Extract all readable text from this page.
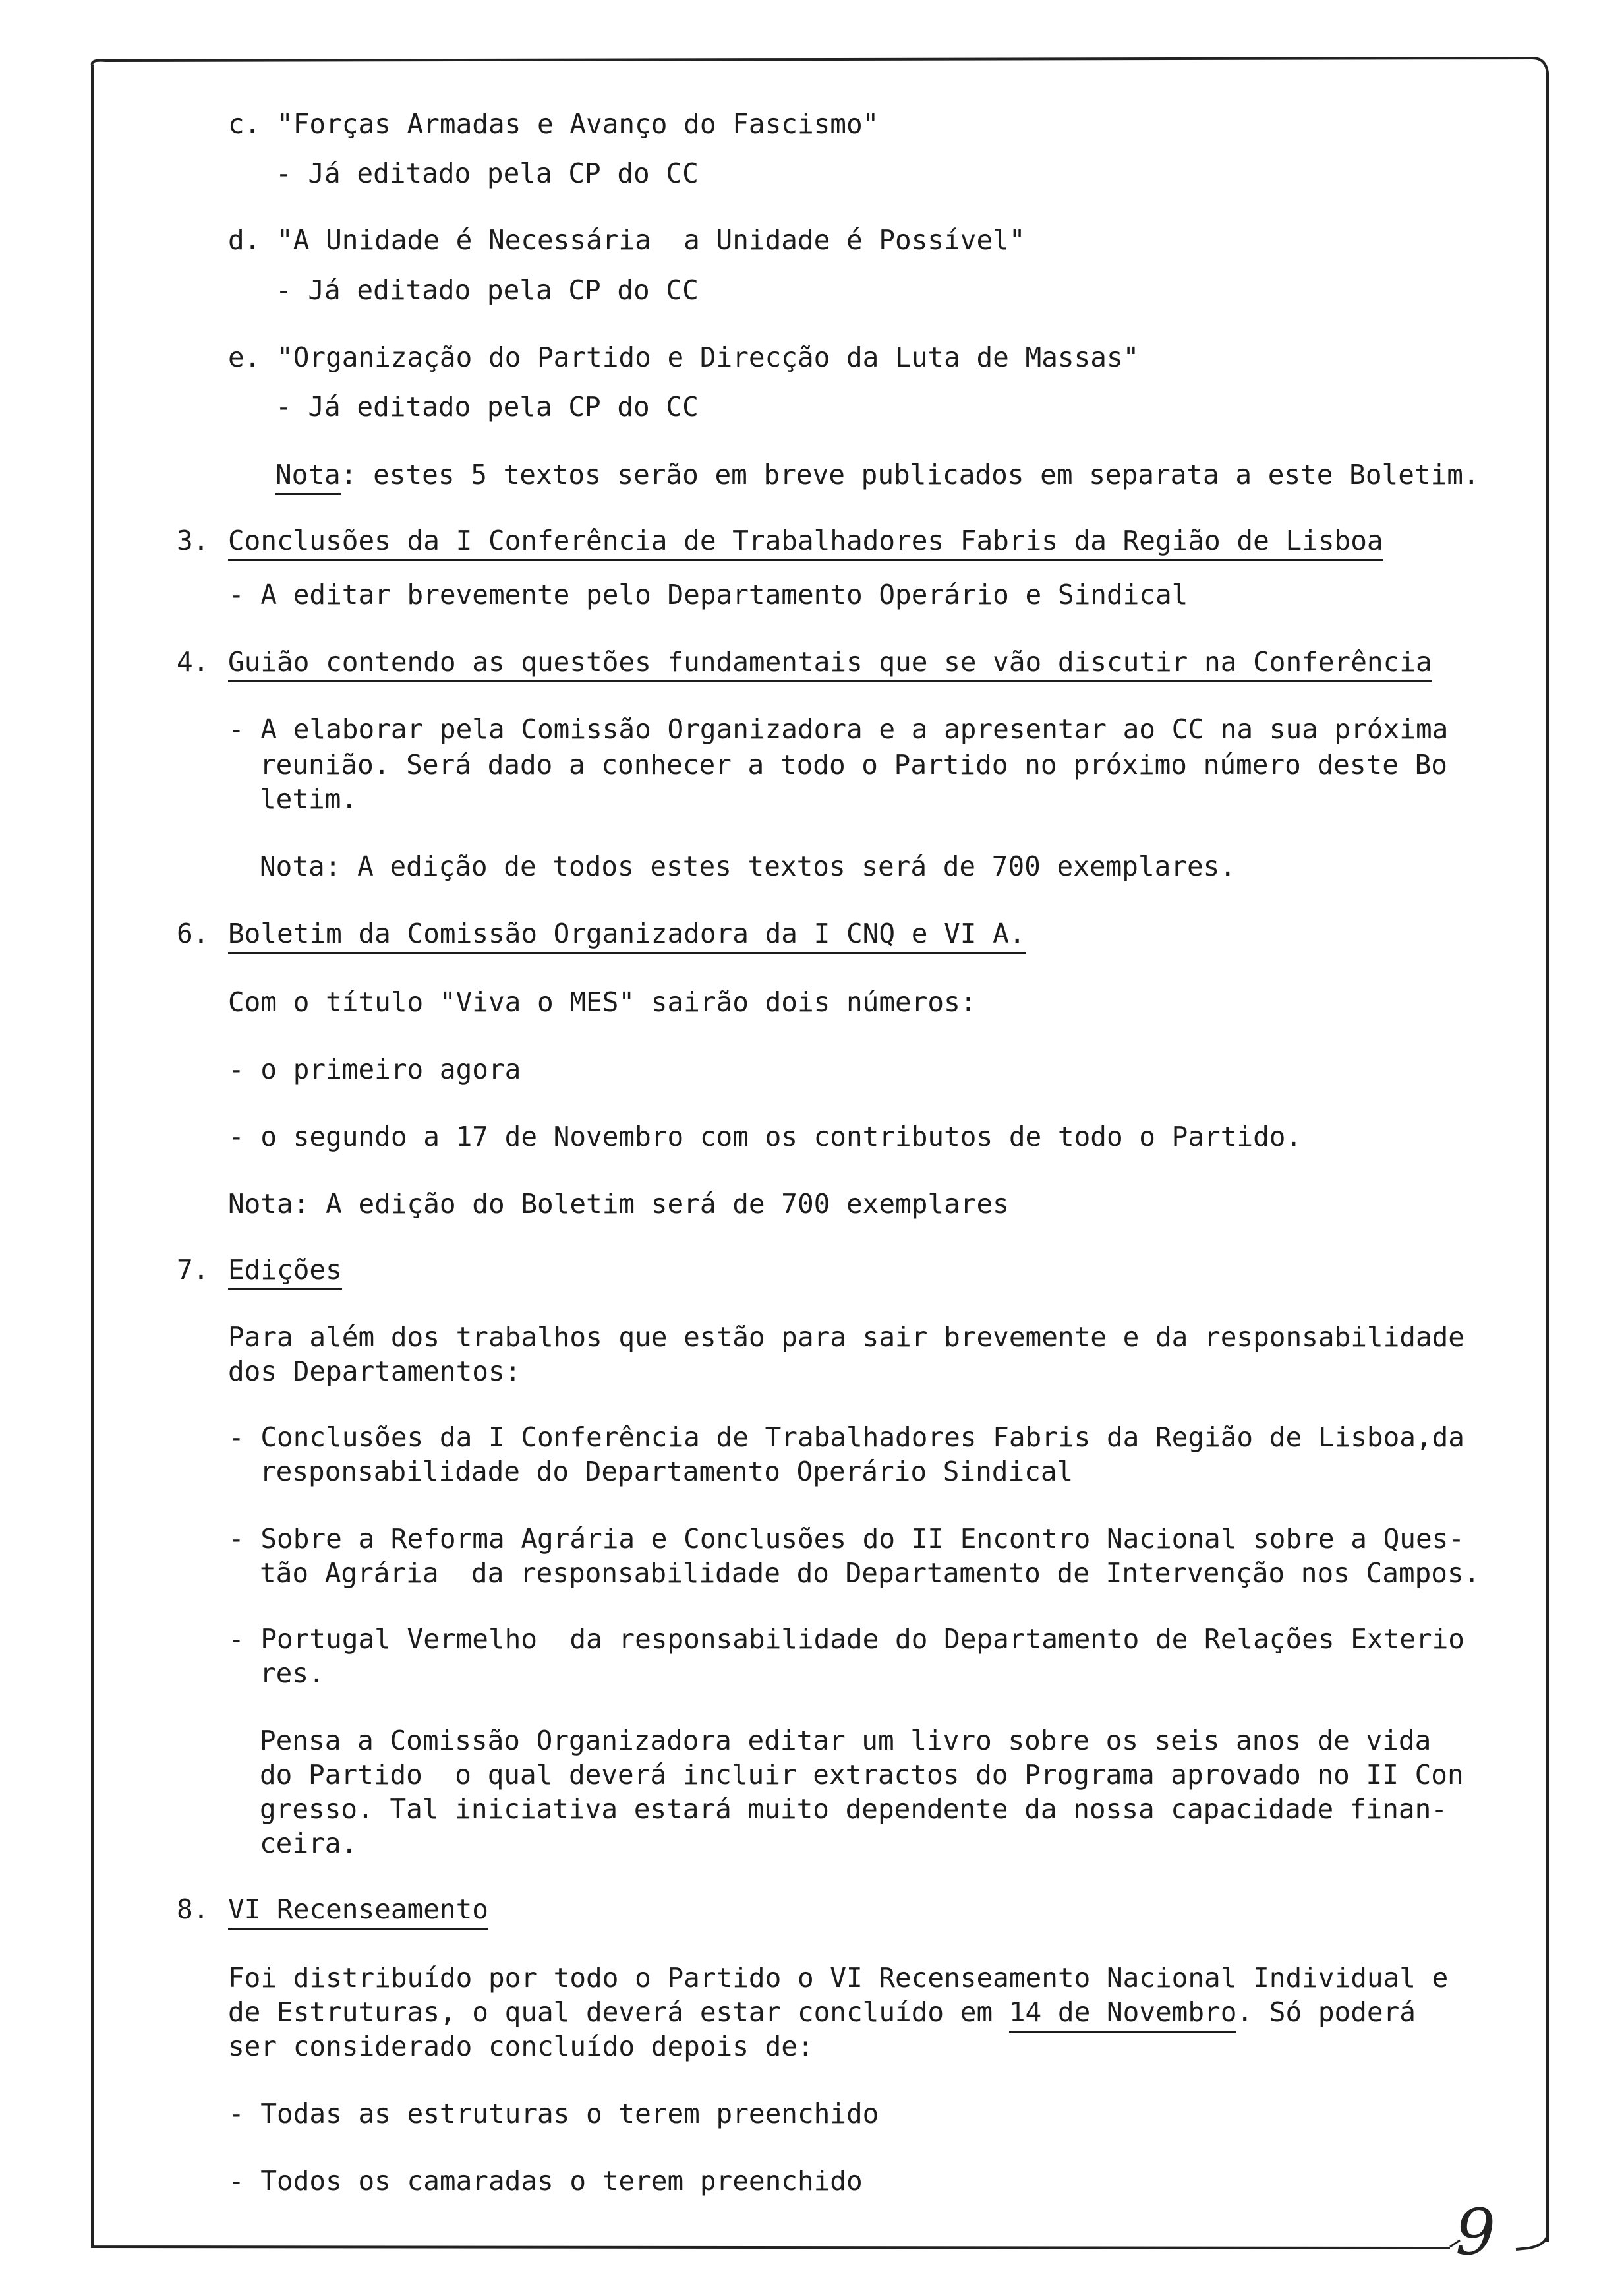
c. "Forças Armadas e Avanço do Fascismo"
- Já editado pela CP do CC
d. "A Unidade é Necessária  a Unidade é Possível"
- Já editado pela CP do CC
e. "Organização do Partido e Direcção da Luta de Massas"
- Já editado pela CP do CC
Nota: estes 5 textos serão em breve publicados em separata a este Boletim.
3. Conclusões da I Conferência de Trabalhadores Fabris da Região de Lisboa
- A editar brevemente pelo Departamento Operário e Sindical
4. Guião contendo as questões fundamentais que se vão discutir na Conferência
- A elaborar pela Comissão Organizadora e a apresentar ao CC na sua próxima
reunião. Será dado a conhecer a todo o Partido no próximo número deste Bo
letim.
Nota: A edição de todos estes textos será de 700 exemplares.
6. Boletim da Comissão Organizadora da I CNQ e VI A.
Com o título "Viva o MES" sairão dois números:
- o primeiro agora
- o segundo a 17 de Novembro com os contributos de todo o Partido.
Nota: A edição do Boletim será de 700 exemplares
7. Edições
Para além dos trabalhos que estão para sair brevemente e da responsabilidade
dos Departamentos:
- Conclusões da I Conferência de Trabalhadores Fabris da Região de Lisboa,da
responsabilidade do Departamento Operário Sindical
- Sobre a Reforma Agrária e Conclusões do II Encontro Nacional sobre a Ques-
tão Agrária  da responsabilidade do Departamento de Intervenção nos Campos.
- Portugal Vermelho  da responsabilidade do Departamento de Relações Exterio
res.
Pensa a Comissão Organizadora editar um livro sobre os seis anos de vida
do Partido  o qual deverá incluir extractos do Programa aprovado no II Con
gresso. Tal iniciativa estará muito dependente da nossa capacidade finan-
ceira.
8. VI Recenseamento
Foi distribuído por todo o Partido o VI Recenseamento Nacional Individual e
de Estruturas, o qual deverá estar concluído em 14 de Novembro. Só poderá
ser considerado concluído depois de:
- Todas as estruturas o terem preenchido
- Todos os camaradas o terem preenchido
9
